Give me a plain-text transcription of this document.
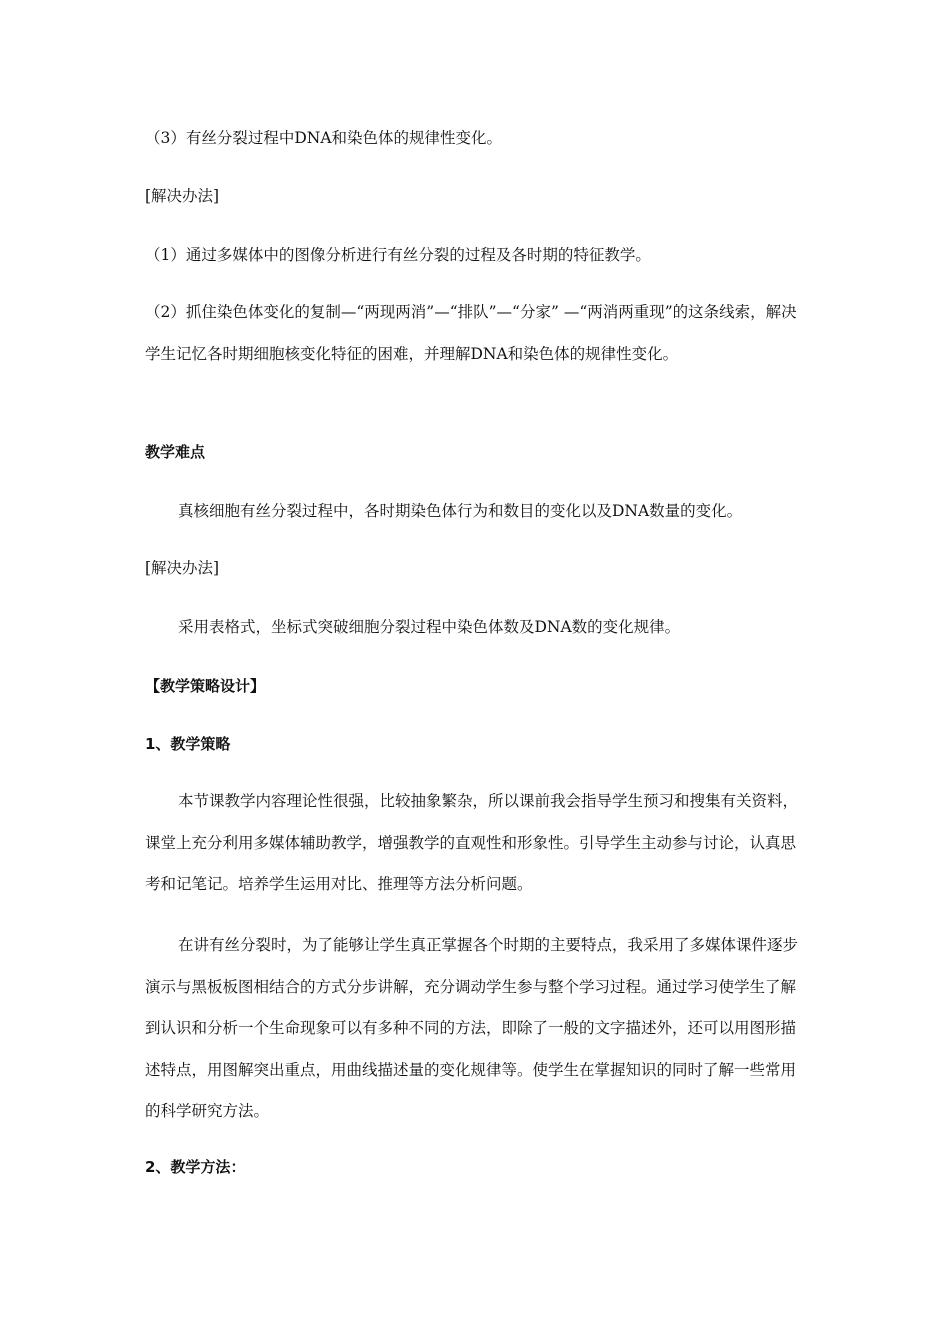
（3）有丝分裂过程中DNA和染色体的规律性变化。

[解决办法]

（1）通过多媒体中的图像分析进行有丝分裂的过程及各时期的特征教学。

（2）抓住染色体变化的复制—“两现两消”—“排队”—“分家” —“两消两重现”的这条线索，解决学生记忆各时期细胞核变化特征的困难，并理解DNA和染色体的规律性变化。

教学难点

真核细胞有丝分裂过程中，各时期染色体行为和数目的变化以及DNA数量的变化。

[解决办法]

采用表格式，坐标式突破细胞分裂过程中染色体数及DNA数的变化规律。

【教学策略设计】

1、教学策略

本节课教学内容理论性很强，比较抽象繁杂，所以课前我会指导学生预习和搜集有关资料，课堂上充分利用多媒体辅助教学，增强教学的直观性和形象性。引导学生主动参与讨论，认真思考和记笔记。培养学生运用对比、推理等方法分析问题。

在讲有丝分裂时，为了能够让学生真正掌握各个时期的主要特点，我采用了多媒体课件逐步演示与黑板板图相结合的方式分步讲解，充分调动学生参与整个学习过程。通过学习使学生了解到认识和分析一个生命现象可以有多种不同的方法，即除了一般的文字描述外，还可以用图形描述特点，用图解突出重点，用曲线描述量的变化规律等。使学生在掌握知识的同时了解一些常用的科学研究方法。

2、教学方法：
